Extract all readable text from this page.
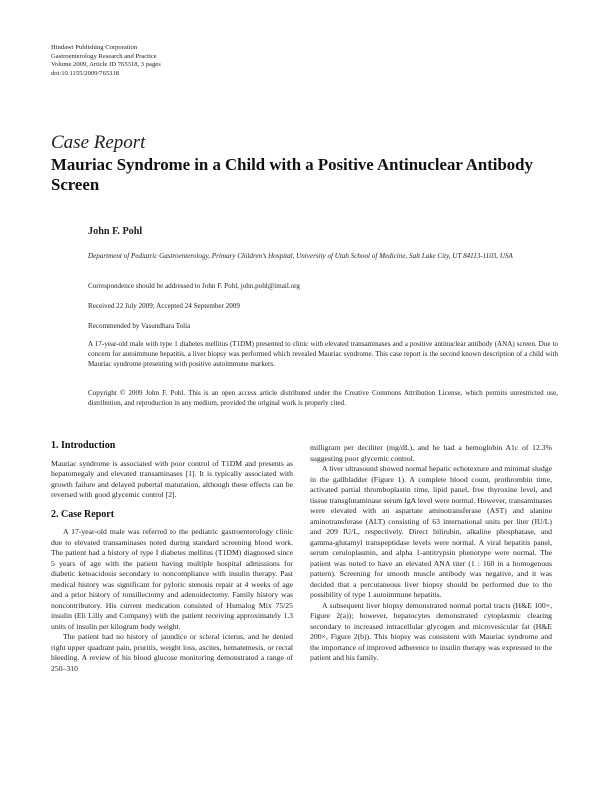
Hindawi Publishing Corporation
Gastroenterology Research and Practice
Volume 2009, Article ID 765318, 3 pages
doi:10.1155/2009/765318
Case Report
Mauriac Syndrome in a Child with a Positive Antinuclear Antibody Screen
John F. Pohl
Department of Pediatric Gastroenterology, Primary Children’s Hospital, University of Utah School of Medicine, Salt Lake City, UT 84113-1103, USA
Correspondence should be addressed to John F. Pohl, john.pohl@imail.org
Received 22 July 2009; Accepted 24 September 2009
Recommended by Vasundhara Tolia
A 17-year-old male with type 1 diabetes mellitus (T1DM) presented to clinic with elevated transaminases and a positive antinuclear antibody (ANA) screen. Due to concern for autoimmune hepatitis, a liver biopsy was performed which revealed Mauriac syndrome. This case report is the second known description of a child with Mauriac syndrome presenting with positive autoimmune markers.
Copyright © 2009 John F. Pohl. This is an open access article distributed under the Creative Commons Attribution License, which permits unrestricted use, distribution, and reproduction in any medium, provided the original work is properly cited.
1. Introduction

Mauriac syndrome is associated with poor control of T1DM and presents as hepatomegaly and elevated transaminases [1]. It is typically associated with growth failure and delayed pubertal maturation, although these effects can be reversed with good glycemic control [2].

2. Case Report

A 17-year-old male was referred to the pediatric gastroenterology clinic due to elevated transaminases noted during standard screening blood work. The patient had a history of type I diabetes mellitus (T1DM) diagnosed since 5 years of age with the patient having multiple hospital admissions for diabetic ketoacidosis secondary to noncompliance with insulin therapy. Past medical history was significant for pyloric stenosis repair at 4 weeks of age and a prior history of tonsillectomy and adenoidectomy. Family history was noncontributory. His current medication consisted of Humalog Mix 75/25 insulin (Eli Lilly and Company) with the patient receiving approximately 1.3 units of insulin per kilogram body weight.

The patient had no history of jaundice or scleral icterus, and he denied right upper quadrant pain, pruritis, weight loss, ascites, hematemesis, or rectal bleeding. A review of his blood glucose monitoring demonstrated a range of 250–310

milligram per deciliter (mg/dL), and he had a hemoglobin A1c of 12.3% suggesting poor glycemic control.

A liver ultrasound showed normal hepatic echotexture and minimal sludge in the gallbladder (Figure 1). A complete blood count, prothrombin time, activated partial thromboplastin time, lipid panel, free thyroxine level, and tissue transglutaminase serum IgA level were normal. However, transaminases were elevated with an aspartate aminotransferase (AST) and alanine aminotransferase (ALT) consisting of 63 international units per liter (IU/L) and 209 IU/L, respectively. Direct bilirubin, alkaline phosphatase, and gamma-glutamyl transpeptidase levels were normal. A viral hepatitis panel, serum ceruloplasmin, and alpha 1-antitrypsin phenotype were normal. The patient was noted to have an elevated ANA titer (1 : 160 in a homogenous pattern). Screening for smooth muscle antibody was negative, and it was decided that a percutaneous liver biopsy should be performed due to the possibility of type 1 autoimmune hepatitis.

A subsequent liver biopsy demonstrated normal portal tracts (H&E 100×, Figure 2(a)); however, hepatocytes demonstrated cytoplasmic clearing secondary to increased intracellular glycogen and microvesicular fat (H&E 200×, Figure 2(b)). This biopsy was consistent with Mauriac syndrome and the importance of improved adherence to insulin therapy was expressed to the patient and his family.
